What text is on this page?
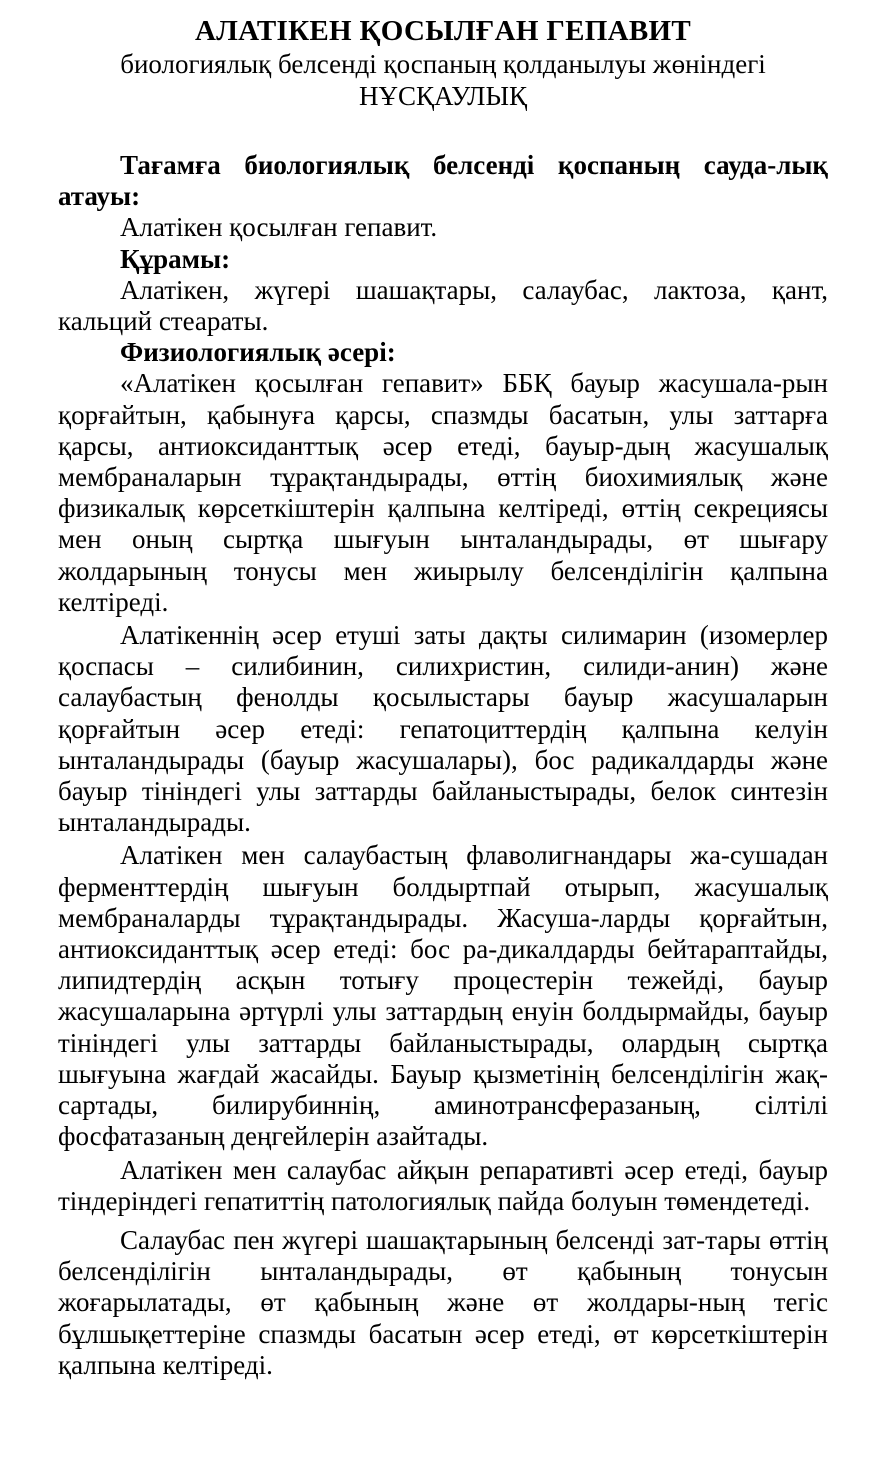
АЛАТІКЕН ҚОСЫЛҒАН ГЕПАВИТ
биологиялық белсенді қоспаның қолданылуы жөніндегі
НҰСҚАУЛЫҚ

Тағамға биологиялық белсенді қоспаның сауда-лық атауы:

Алатікен қосылған гепавит.

Құрамы:

Алатікен, жүгері шашақтары, салаубас, лактоза, қант, кальций стеараты.

Физиологиялық әсері:

«Алатікен қосылған гепавит» ББҚ бауыр жасушала-рын қорғайтын, қабынуға қарсы, спазмды басатын, улы заттарға қарсы, антиоксиданттық әсер етеді, бауыр-дың жасушалық мембраналарын тұрақтандырады, өттің биохимиялық және физикалық көрсеткіштерін қалпына келтіреді, өттің секрециясы мен оның сыртқа шығуын ынталандырады, өт шығару жолдарының тонусы мен жиырылу белсенділігін қалпына келтіреді.

Алатікеннің әсер етуші заты дақты силимарин (изомерлер қоспасы – силибинин, силихристин, силиди-анин) және салаубастың фенолды қосылыстары бауыр жасушаларын қорғайтын әсер етеді: гепатоциттердің қалпына келуін ынталандырады (бауыр жасушалары), бос радикалдарды және бауыр тініндегі улы заттарды байланыстырады, белок синтезін ынталандырады.

Алатікен мен салаубастың флаволигнандары жа-сушадан ферменттердің шығуын болдыртпай отырып, жасушалық мембраналарды тұрақтандырады. Жасуша-ларды қорғайтын, антиоксиданттық әсер етеді: бос ра-дикалдарды бейтараптайды, липидтердің асқын тотығу процестерін тежейді, бауыр жасушаларына әртүрлі улы заттардың енуін болдырмайды, бауыр тініндегі улы заттарды байланыстырады, олардың сыртқа шығуына жағдай жасайды. Бауыр қызметінің белсенділігін жақ-сартады, билирубиннің, аминотрансферазаның, сілтілі фосфатазаның деңгейлерін азайтады.

Алатікен мен салаубас айқын репаративті әсер етеді, бауыр тіндеріндегі гепатиттің патологиялық пайда болуын төмендетеді.

Салаубас пен жүгері шашақтарының белсенді зат-тары өттің белсенділігін ынталандырады, өт қабының тонусын жоғарылатады, өт қабының және өт жолдары-ның тегіс бұлшықеттеріне спазмды басатын әсер етеді, өт көрсеткіштерін қалпына келтіреді.
